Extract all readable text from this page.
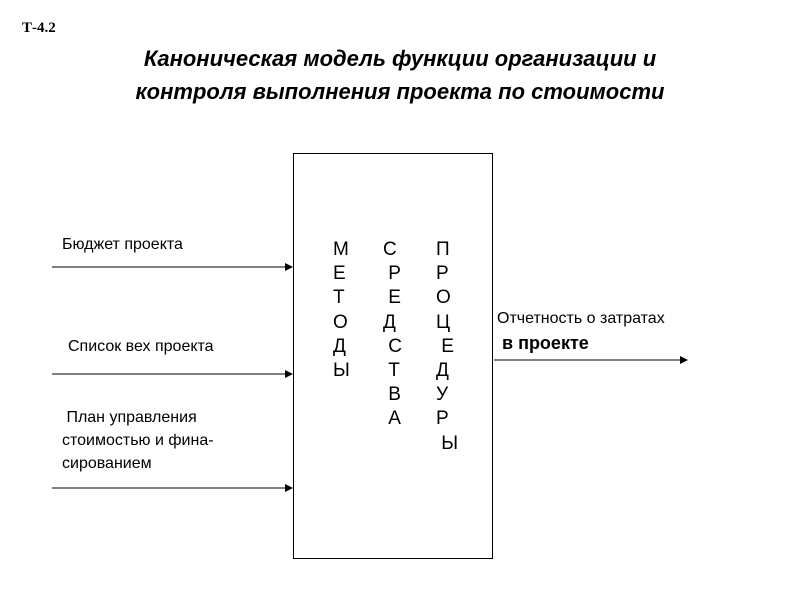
Т-4.2
Каноническая модель функции организации и
контроля выполнения проекта по стоимости
М
Е
Т
О
Д
Ы
С
Р
Е
Д
С
Т
В
А
П
Р
О
Ц
Е
Д
У
Р
Ы
Бюджет проекта
Список вех проекта
План управления
стоимостью и фина-
сированием
Отчетность о затратах
в проекте
